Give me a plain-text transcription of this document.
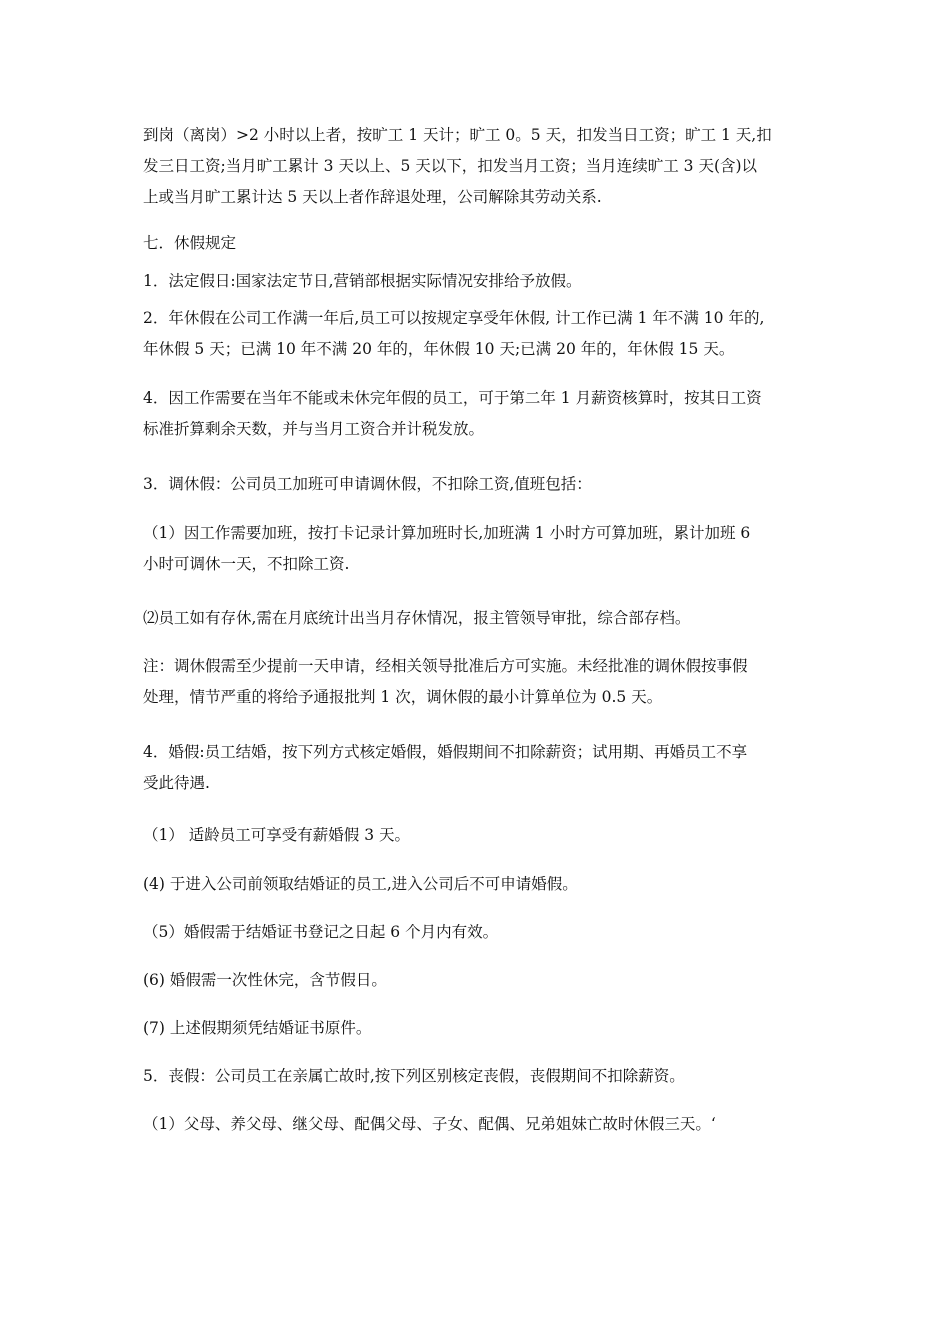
到岗（离岗）>2 小时以上者，按旷工 1 天计；旷工 0。5 天，扣发当日工资；旷工 1 天,扣
发三日工资;当月旷工累计 3 天以上、5 天以下，扣发当月工资；当月连续旷工 3 天(含)以
上或当月旷工累计达 5 天以上者作辞退处理，公司解除其劳动关系.
七．休假规定
1．法定假日:国家法定节日,营销部根据实际情况安排给予放假。
2．年休假在公司工作满一年后,员工可以按规定享受年休假, 计工作已满 1 年不满 10 年的,
年休假 5 天；已满 10 年不满 20 年的，年休假 10 天;已满 20 年的，年休假 15 天。
4．因工作需要在当年不能或未休完年假的员工，可于第二年 1 月薪资核算时，按其日工资
标准折算剩余天数，并与当月工资合并计税发放。
3．调休假：公司员工加班可申请调休假，不扣除工资,值班包括：
（1）因工作需要加班，按打卡记录计算加班时长,加班满 1 小时方可算加班，累计加班 6
小时可调休一天，不扣除工资.
⑵员工如有存休,需在月底统计出当月存休情况，报主管领导审批，综合部存档。
注：调休假需至少提前一天申请，经相关领导批准后方可实施。未经批准的调休假按事假
处理，情节严重的将给予通报批判 1 次，调休假的最小计算单位为 0.5 天。
4．婚假:员工结婚，按下列方式核定婚假，婚假期间不扣除薪资；试用期、再婚员工不享
受此待遇.
（1） 适龄员工可享受有薪婚假 3 天。
(4) 于进入公司前领取结婚证的员工,进入公司后不可申请婚假。
（5）婚假需于结婚证书登记之日起 6 个月内有效。
(6) 婚假需一次性休完，含节假日。
(7) 上述假期须凭结婚证书原件。
5．丧假：公司员工在亲属亡故时,按下列区别核定丧假，丧假期间不扣除薪资。
（1）父母、养父母、继父母、配偶父母、子女、配偶、兄弟姐妹亡故时休假三天。‘
